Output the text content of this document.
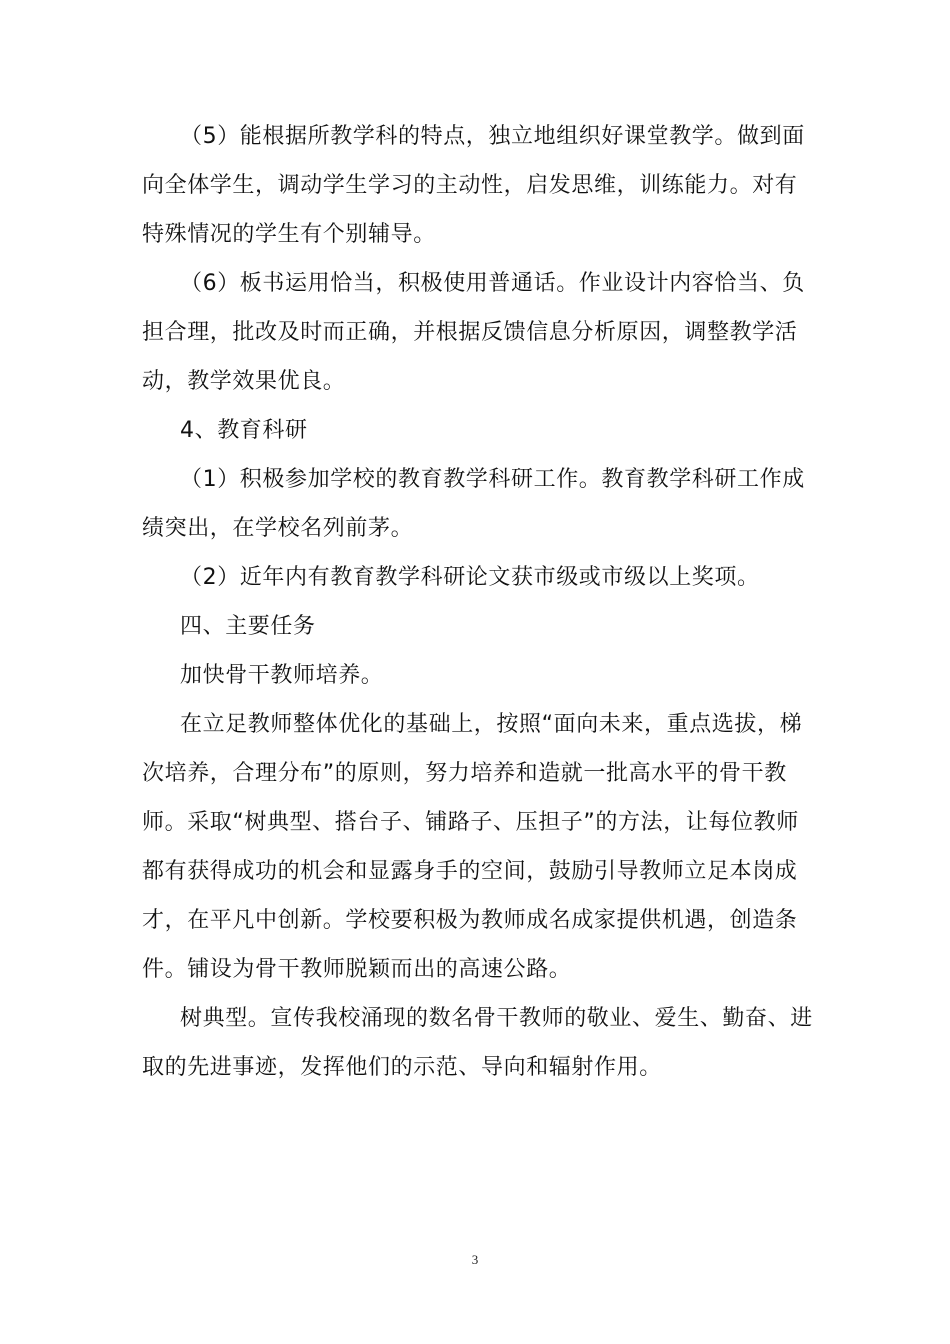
（5）能根据所教学科的特点，独立地组织好课堂教学。做到面向全体学生，调动学生学习的主动性，启发思维，训练能力。对有特殊情况的学生有个别辅导。

（6）板书运用恰当，积极使用普通话。作业设计内容恰当、负担合理，批改及时而正确，并根据反馈信息分析原因，调整教学活动，教学效果优良。

4、教育科研

（1）积极参加学校的教育教学科研工作。教育教学科研工作成绩突出，在学校名列前茅。

（2）近年内有教育教学科研论文获市级或市级以上奖项。

四、主要任务

加快骨干教师培养。

在立足教师整体优化的基础上，按照“面向未来，重点选拔，梯次培养，合理分布”的原则，努力培养和造就一批高水平的骨干教师。采取“树典型、搭台子、铺路子、压担子”的方法，让每位教师都有获得成功的机会和显露身手的空间，鼓励引导教师立足本岗成才，在平凡中创新。学校要积极为教师成名成家提供机遇，创造条件。铺设为骨干教师脱颖而出的高速公路。

树典型。宣传我校涌现的数名骨干教师的敬业、爱生、勤奋、进取的先进事迹，发挥他们的示范、导向和辐射作用。

3
